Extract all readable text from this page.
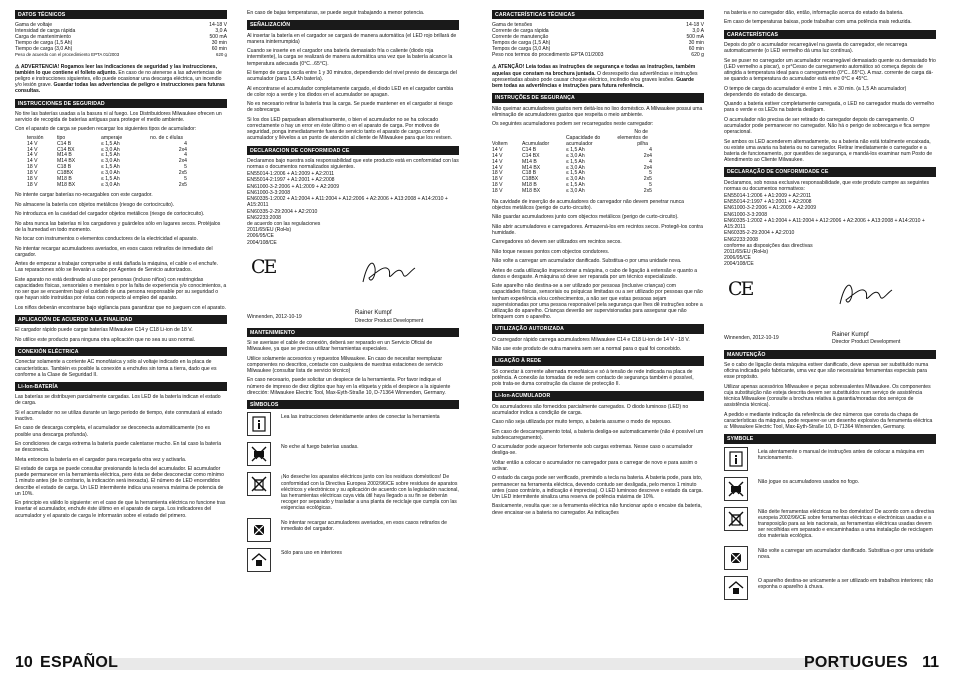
DATOS TÉCNICOS
Gama de voltaje	14-18 V
Intensidad de carga rápida	3,0 A
Carga de mantenimiento	500 mA
Tiempo de carga (1,5 Ah)	30 min
Tiempo de carga (3,0 Ah)	60 min
Peso de acuerdo con el procedimiento EPTA 01/2003	620 g
⚠ ADVERTENCIA! Rogamos leer las indicaciones de seguridad y las instrucciones, también lo que contiene el folleto adjunto. En caso de no atenerse a las advertencias de peligro e instrucciones siguientes, ello puede ocasionar una descarga eléctrica, un incendio y/o lesión grave. Guardar todas las advertencias de peligro e instrucciones para futuras consultas.
INSTRUCCIONES DE SEGURIDAD

No tire las baterías usadas a la basura ni al fuego. Los Distribuidores Milwaukee ofrecen un servicio de recogida de baterías antiguas para proteger el medio ambiente.

Con el aparato de carga se pueden recargar los siguientes tipos de acumulador:

tensión	tipo	amperaje	no. de c élulas
14 V	C14 B	≤ 1,5 Ah	4
14 V	C14 BX	≤ 3,0 Ah	2x4
14 V	M14 B	≤ 1,5 Ah	4
14 V	M14 BX	≤ 3,0 Ah	2x4
18 V	C18 B	≤ 1,5 Ah	5
18 V	C18BX	≤ 3,0 Ah	2x5
18 V	M18 B	≤ 1,5 Ah	5
18 V	M18 BX	≤ 3,0 Ah	2x5

No intente cargar baterías no-recargables con este cargador.

No almacene la batería con objetos metálicos (riesgo de cortocircuito).

No introduzca en la cavidad del cargador objetos metálicos (riesgo de cortocircuito).

No abra nunca las baterías ni los cargadores y guárdelos sólo en lugares secos. Protéjalos de la humedad en todo momento.

No tocar con instrumentos o elementos conductores de la electricidad el aparato.

No intentar recargar acumuladores averiados, en esos casos retirarlos de inmediato del cargador.

Antes de empezar a trabajar compruebe si está dañada la máquina, el cable o el enchufe. Las reparaciones sólo se llevarán a cabo por Agentes de Servicio autorizados.

Este aparato no está destinado al uso por personas (incluso niños) con restringidas capacidades físicas, sensoriales o mentales o por la falta de experiencia y/o conocimientos, a no ser que se encuentren bajo el cuidado de una persona responsable por su seguridad o que hayan sido instruidas por éstas con respecto al empleo del aparato.

Los niños deberán encontrarse bajo vigilancia para garantizar que no jueguen con el aparato.

APLICACIÓN DE ACUERDO A LA FINALIDAD

El cargador rápido puede cargar baterías Milwaukee C14 y C18 Li-ion de 18 V.

No utilice este producto para ninguna otra aplicación que no sea su uso normal.

CONEXIÓN ELÉCTRICA

Conectar solamente a corriente AC monofásica y sólo al voltaje indicado en la placa de características. También es posible la conexión a enchufes sin toma a tierra, dado que es conforme a la Clase de Seguridad II.

Li-Ion-BATERÍA

Las baterías se distribuyen parcialmente cargadas. Los LED de la batería indican el estado de carga.

Si el acumulador no se utiliza durante un largo periodo de tiempo, éste conmutará al estado inactivo.

En caso de descarga completa, el acumulador se desconecta automáticamente (no es posible una descarga profunda).

En condiciones de carga extrema la batería puede calentarse mucho. En tal caso la batería se desconecta.

Meta entonces la batería en el cargador para recargarla otra vez y activarla.

El estado de carga se puede consultar presionando la tecla del acumulador. El acumulador puede permanecer en la herramienta eléctrica, pero ésta se debe desconectar como mínimo 1 minuto antes (de lo contrario, la indicación será inexacta). El número de LED encendidos describe el estado de carga. Un LED intermitente indica una reserva máxima de potencia de un 10%.

En principio es válido lo siguiente: en el caso de que la herramienta eléctrica no funcione tras insertar el acumulador, enchufe éste último en el aparato de carga. Los indicadores del acumulador y el aparato de carga le informarán sobre el estado del primero.

En caso de bajas temperaturas, se puede seguir trabajando a menor potencia.

SEÑALIZACIÓN

Al insertar la batería en el cargador se cargará de manera automática (el LED rojo brillará de manera ininterrumpida)

Cuando se inserte en el cargador una batería demasiado fría o caliente (diodo roja intermitente), la carga se realizará de manera automática una vez que la batería alcance la temperatura adecuada (0°C...65°C).

El tiempo de carga oscila entre 1 y 30 minutos, dependiendo del nivel previo de descarga del acumulador (para 1,5 Ah batería).

Al encontrarse el acumulador completamente cargado, el diodo LED en el cargador cambia de color rojo a verde y los diodos en el acumulador se apagan.

No es necesario retirar la batería tras la carga. Se puede mantener en el cargador si riesgo de sobrecarga

Si los dos LED parpadean alternativamente, o bien el acumulador no se ha colocado correctamente o hay un error en éste último o en el aparato de carga. Por motivos de seguridad, ponga inmediatamente fuera de servicio tanto el aparato de carga como el acumulador y llévelos a un punto de atención al cliente de Milwaukee para que los revisen.

DECLARACION DE CONFORMIDAD CE
Declaramos bajo nuestra sola responsabilidad que este producto está en conformidad con las normas o documentos normalizados siguientes.
EN55014-1:2006 + A1:2009 + A2:2011
EN55014-2:1997 + A1:2001 + A2:2008
EN61000-3-2:2006 + A1:2009 + A2:2009
EN61000-3-3:2008
EN60335-1:2002 + A1:2004 + A11:2004 + A12:2006 + A2:2006 + A13:2008 + A14:2010 + A15:2011
EN60335-2-29:2004 + A2:2010
EN62233:2008
de acuerdo con las regulaciones
2011/65/EU (RoHs)
2006/95/CE
2004/108/CE
CE
Winnenden, 2012-10-19
Rainer Kumpf
Director Product Development
MANTENIMIENTO

Si se averiase el cable de conexión, deberá ser reparado en un Servicio Oficial de Milwaukee, ya que se precisa utilizar herramientas especiales.

Utilice solamente accesorios y repuestos Milwaukee. En caso de necesitar reemplazar componentes no descritos, contacte con cualquiera de nuestras estaciones de servicio Milwaukee (consultar lista de servicio técnico)

En caso necesario, puede solicitar un despiece de la herramienta. Por favor indique el número de impreso de diez dígitos que hay en la etiqueta y pida el despiece a la siguiente dirección: Milwaukee Electric Tool, Max-Eyth-Straße 10, D-71364 Winnenden, Germany.

SÍMBOLOS
Lea las instrucciones detenidamente antes de conectar la herramienta
No eche al fuego baterías usadas.
¡No deseche los aparatos eléctricos junto con los residuos domésticos! De conformidad con la Directiva Europea 2002/96/CE sobre residuos de aparatos eléctricos y electrónicos y su aplicación de acuerdo con la legislación nacional, las herramientas eléctricas cuya vida útil haya llegado a su fin se deberán recoger por separado y trasladar a una planta de reciclaje que cumpla con las exigencias ecológicas.
No intentar recargar acumuladores averiados, en esos casos retirarlos de inmediato del cargador.
Sólo para uso en interiores
10 ESPAÑOL
CARACTERÍSTICAS TÉCNICAS
Gama de tensões	14-18 V
Corrente de carga rápida	3,0 A
Corrente de manutenção	500 mA
Tempos de carga (1,5 Ah)	30 min
Tempos de carga (3,0 Ah)	60 min
Peso nos termos do procedimento EPTA 01/2003	620 g
⚠ ATENÇÃO! Leia todas as instruções de segurança e todas as instruções, também aquelas que constam na brochura juntada. O desrespeito das advertências e instruções apresentadas abaixo pode causar choque eléctrico, incêndio e/ou graves lesões. Guarde bem todas as advertências e instruções para futura referência.
INSTRUÇÕES DE SEGURANÇA

Não queimar acumuladores gastos nem deitá-los no lixo doméstico. A Milwaukee possui uma eliminação de acumuladores gastos que respeita o meio ambiente.

Os seguintes acumuladores podem ser recarregados neste carregador:

Voltem	Acumulador	Capacidade do acumulador	No de elementos de pilha
14 V	C14 B	≤ 1,5 Ah	4
14 V	C14 BX	≤ 3,0 Ah	2x4
14 V	M14 B	≤ 1,5 Ah	4
14 V	M14 BX	≤ 3,0 Ah	2x4
18 V	C18 B	≤ 1,5 Ah	5
18 V	C18BX	≤ 3,0 Ah	2x5
18 V	M18 B	≤ 1,5 Ah	5
18 V	M18 BX	≤ 3,0 Ah	2x5

Na cavidade de inserção de acumuladores do carregador não devem penetrar nunca objectos metálicos (perigo de curto-circuito).

Não guardar acumuladores junto com objectos metálicos (perigo de curto-circuito).

Não abrir acumuladores e carregadores. Armazená-los em recintos secos. Protegê-los contra humidade.

Carregadores só devem ser utilizados em recintos secos.

Não toque nesses pontos com objectos condutores.

Não volte a carregar um acumulador danificado. Substitua-o por uma unidade nova.

Antes de cada utilização inspeccionar a máquina, o cabo de ligação à extensão e quanto a danos e desgaste. A máquina só deve ser reparada por um técnico especializado.

Este aparelho não destina-se a ser utilizado por pessoas (inclusive crianças) com capacidades físicas, sensoriais ou psíquicas limitadas ou a ser utilizado por pessoas que não tenham experiência e/ou conhecimentos, a não ser que estas pessoas sejam supervisionadas por uma pessoa responsável pela segurança que lhes dê instruções sobre a utilização do aparelho. Crianças deverão ser supervisionadas para assegurar que não brinquem com o aparelho.

UTILIZAÇÃO AUTORIZADA

O carregador rápido carrega acumuladores Milwaukee C14 e C18 Li-ion de 14 V - 18 V.

Não use este produto de outra maneira sem ser a normal para o qual foi concebido.

LIGAÇÃO À REDE

Só conectar à corrente alternada monofásica e só à tensão de rede indicada na placa de potência. A conexão às tomadas de rede sem contacto de segurança também é possível, pois trata-se duma construção da classe de protecção II.

Li-Ion-ACUMULADOR

Os acumuladores são fornecidos parcialmente carregados. O diodo luminoso (LED) no acumulador indica a condição de carga.

Caso não seja utilizada por muito tempo, a bateria assume o modo de repouso.

Em caso de descarregamento total, a bateria desliga-se automaticamente (não é possível um subdescarregamento).

O acumulador pode aquecer fortemente sob cargas extremas. Nesse caso o acumulador desliga-se.

Voltar então a colocar o acumulador no carregador para o carregar de novo e para assim o activar.

O estado da carga pode ser verificado, premindo a tecla na bateria. A bateria pode, para isto, permanecer na ferramenta eléctrica, devendo contudo ser desligada, pelo menos 1 minuto antes (caso contrário, a indicação é imprecisa). O LED luminoso descreve o estado da carga. Um LED intermitente sinaliza uma reserva de potência máxima de 10%.

Basicamente, resulta que: se a ferramenta eléctrica não funcionar após o encaixe da bateria, deve encaixar-se a bateria no carregador. As indicações

na bateria e no carregador dão, então, informação acerca do estado da bateria.

Em caso de temperaturas baixas, pode trabalhar com uma potência mais reduzida.

CARACTERÍSTICAS

Depois do pôr o acumulador recarregável na gaveta do carregador, ele recarrega automaticamente (o LED vermelho dá uma luz contínua).

Se se puser no carregador um acumulador recarregável demasiado quente ou demasiado frio (LED vermelho a piscar), o pr°Cesso de carregamento automático só começa depois de atingida a temperatura ideal para o carregamento (0°C...65°C). A maz. corrente de carga dá-se quando a temperatura do acumulador está entre 0°C e 45°C.

O tempo de carga do acumulador é entre 1 min. e 30 min. (a 1,5 Ah acumulador) dependendo do estado de descarga.

Quando a bateria estiver completamente carregada, o LED no carregador muda do vermelho para o verde e os LEDs na bateria desligam.

O acumulador não precisa de ser retirado do carregador depois do carregamento. O acumulador pode permanecer no carregador. Não há o perigo de sobrecarga e fica sempre operacional.

Se ambos os LED acenderem alternadamente, ou a bateria não está totalmente encaixada, ou existe uma avaria na bateria ou no carregador. Retirar imediatamente o carregador e a bateria de funcionamento, por questões de segurança, e mandá-los examinar num Posto de Atendimento ao Cliente Milwaukee.

DECLARAÇÃO DE CONFORMIDADE CE
Declaramos, sob nossa exclusiva responsabilidade, que este produto cumpre as seguintes normas ou documentos normativos:
EN55014-1:2006 + A1:2009 + A2:2011
EN55014-2:1997 + A1:2001 + A2:2008
EN61000-3-2:2006 + A1:2009 + A2:2009
EN61000-3-3:2008
EN60335-1:2002 + A1:2004 + A11:2004 + A12:2006 + A2:2006 + A13:2008 + A14:2010 + A15:2011
EN60335-2-29:2004 + A2:2010
EN62233:2008
conforme as disposições das directivas
2011/65/EU (RoHs)
2006/95/CE
2004/108/CE
CE
Winnenden, 2012-10-19
Rainer Kumpf
Director Product Development
MANUTENÇÃO

Se o cabo de ligação desta máquina estiver danificado, deve apenas ser substituído numa oficina indicada pelo fabricante, uma vez que são necessárias ferramentas especiais para esse propósito.

Utilizar apenas acessórios Milwaukee e peças sobressalentes Milwaukee. Os componentes cuja substituição não esteja descrita devem ser substituídos num serviço de assistência técnica Milwaukee (consulte a brochura relativa à garantia/moradas dos serviços de assistência técnica).

A pedido e mediante indicação da referência de dez números que consta da chapa de características da máquina, pode requerer-se um desenho explosivo da ferramenta eléctrica a: Milwaukee Electric Tool, Max-Eyth-Straße 10, D-71364 Winnenden, Germany.

SYMBOLE
Leia atentamente o manual de instruções antes de colocar a máquina em funcionamento.
Não jogue os acumuladores usados no fogo.
Não deite ferramentas eléctricas no lixo doméstico! De acordo com a directiva europeia 2002/96/CE sobre ferramentas eléctricas e electrónicas usadas e a transposição para as leis nacionais, as ferramentas eléctricas usadas devem ser recolhidas em separado e encaminhadas a uma instalação de reciclagem dos materiais ecológica.
Não volte a carregar um acumulador danificado. Substitua-o por uma unidade nova.
O aparelho destina-se unicamente a ser utilizado em trabalhos interiores; não exponha o aparelho à chuva.
PORTUGUES 11
